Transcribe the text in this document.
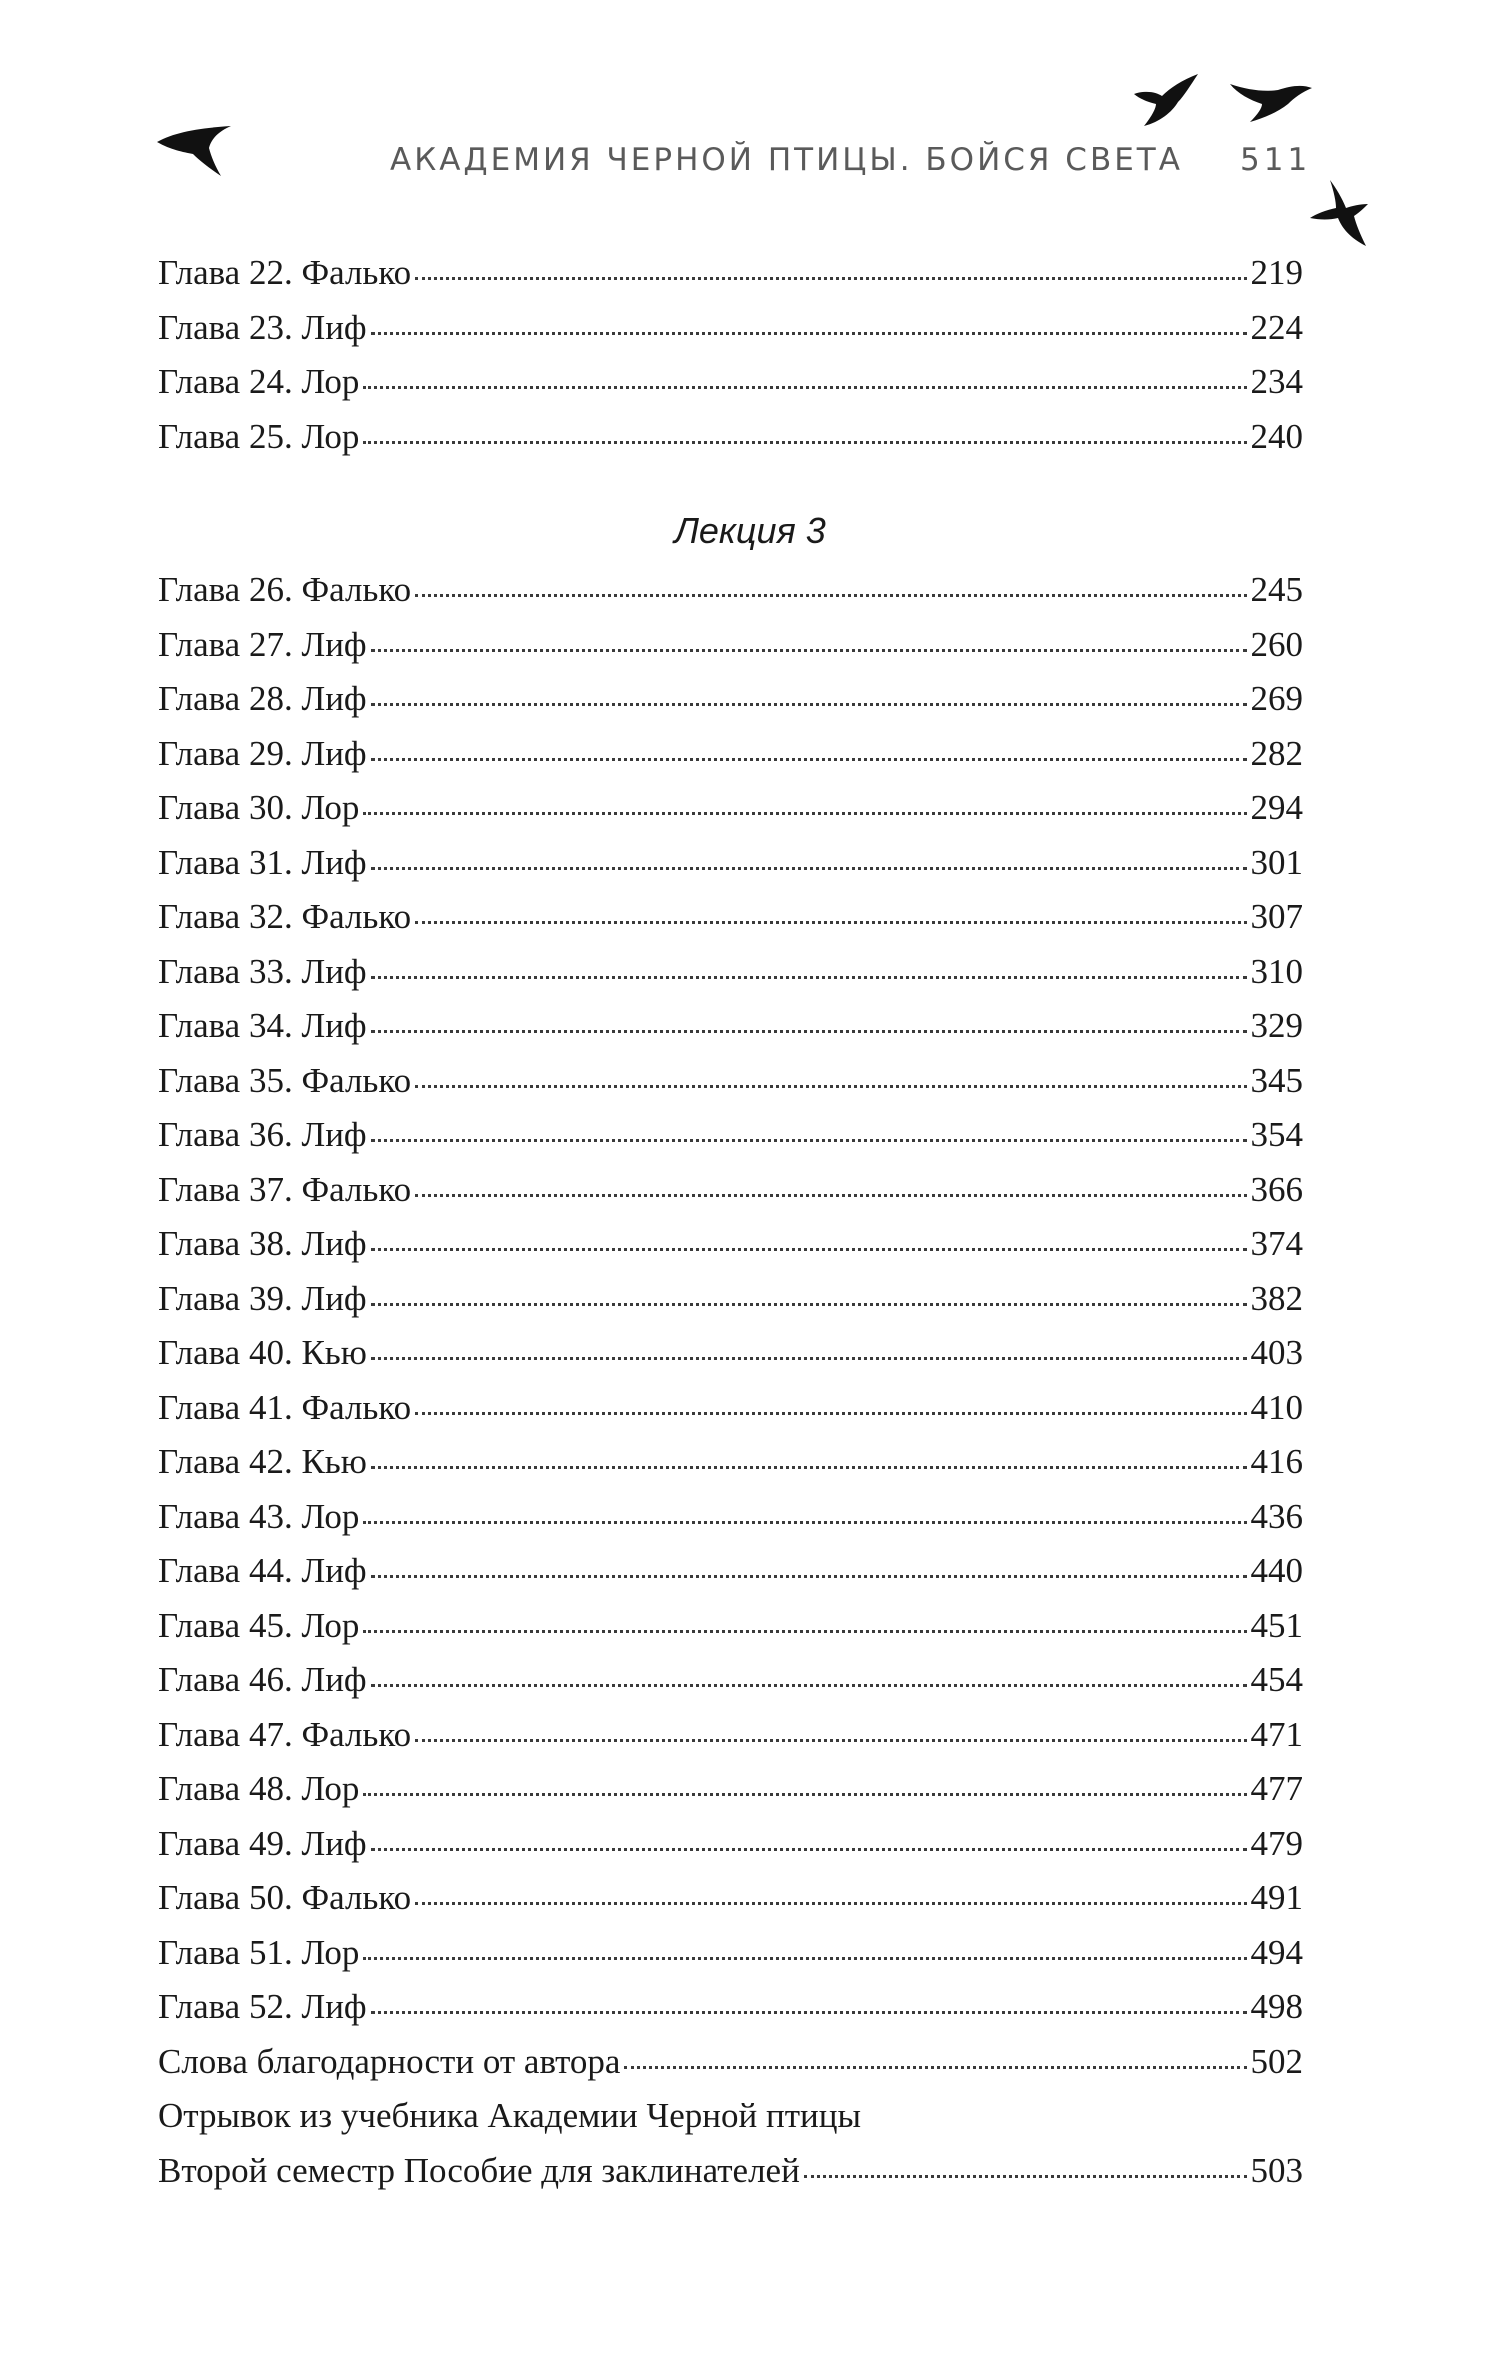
АКАДЕМИЯ ЧЕРНОЙ ПТИЦЫ. БОЙСЯ СВЕТА 511
Глава 22. Фалько	219
Глава 23. Лиф	224
Глава 24. Лор	234
Глава 25. Лор	240
Лекция 3
Глава 26. Фалько	245
Глава 27. Лиф	260
Глава 28. Лиф	269
Глава 29. Лиф	282
Глава 30. Лор	294
Глава 31. Лиф	301
Глава 32. Фалько	307
Глава 33. Лиф	310
Глава 34. Лиф	329
Глава 35. Фалько	345
Глава 36. Лиф	354
Глава 37. Фалько	366
Глава 38. Лиф	374
Глава 39. Лиф	382
Глава 40. Кью	403
Глава 41. Фалько	410
Глава 42. Кью	416
Глава 43. Лор	436
Глава 44. Лиф	440
Глава 45. Лор	451
Глава 46. Лиф	454
Глава 47. Фалько	471
Глава 48. Лор	477
Глава 49. Лиф	479
Глава 50. Фалько	491
Глава 51. Лор	494
Глава 52. Лиф	498
Слова благодарности от автора	502
Отрывок из учебника Академии Черной птицы
Второй семестр Пособие для заклинателей	503
